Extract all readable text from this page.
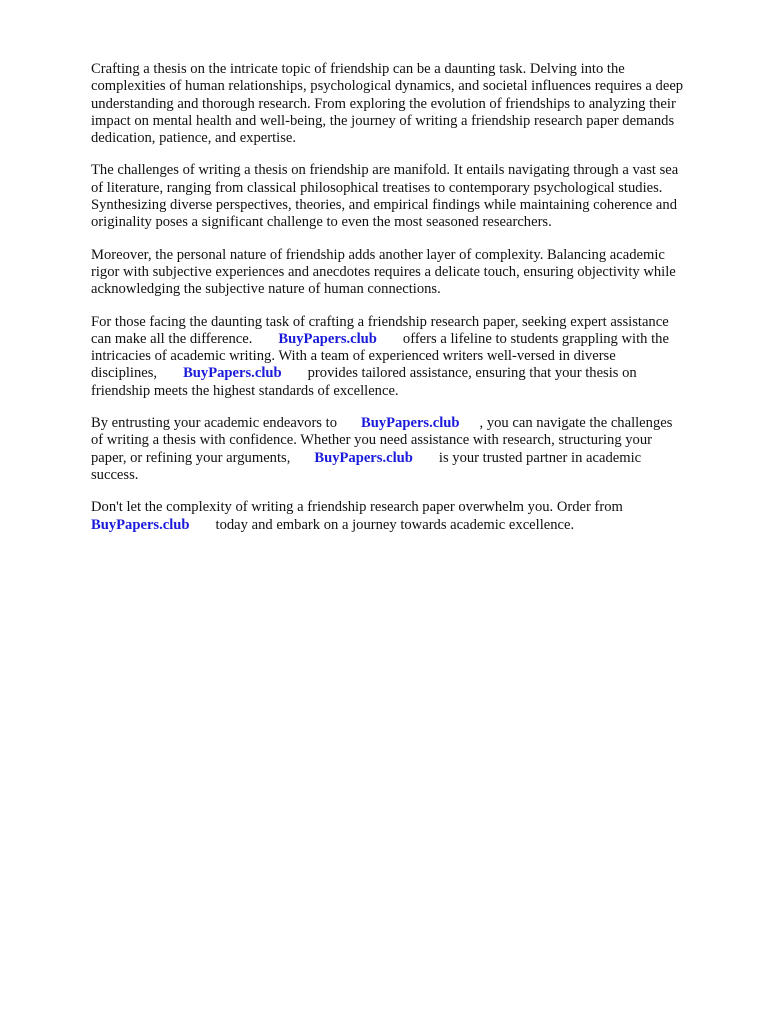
Crafting a thesis on the intricate topic of friendship can be a daunting task. Delving into the
complexities of human relationships, psychological dynamics, and societal influences requires a deep
understanding and thorough research. From exploring the evolution of friendships to analyzing their
impact on mental health and well-being, the journey of writing a friendship research paper demands
dedication, patience, and expertise.

The challenges of writing a thesis on friendship are manifold. It entails navigating through a vast sea
of literature, ranging from classical philosophical treatises to contemporary psychological studies.
Synthesizing diverse perspectives, theories, and empirical findings while maintaining coherence and
originality poses a significant challenge to even the most seasoned researchers.

Moreover, the personal nature of friendship adds another layer of complexity. Balancing academic
rigor with subjective experiences and anecdotes requires a delicate touch, ensuring objectivity while
acknowledging the subjective nature of human connections.

For those facing the daunting task of crafting a friendship research paper, seeking expert assistance
can make all the difference. BuyPapers.club offers a lifeline to students grappling with the
intricacies of academic writing. With a team of experienced writers well-versed in diverse
disciplines, BuyPapers.club provides tailored assistance, ensuring that your thesis on
friendship meets the highest standards of excellence.

By entrusting your academic endeavors to BuyPapers.club , you can navigate the challenges
of writing a thesis with confidence. Whether you need assistance with research, structuring your
paper, or refining your arguments, BuyPapers.club is your trusted partner in academic
success.

Don't let the complexity of writing a friendship research paper overwhelm you. Order from
BuyPapers.club today and embark on a journey towards academic excellence.
